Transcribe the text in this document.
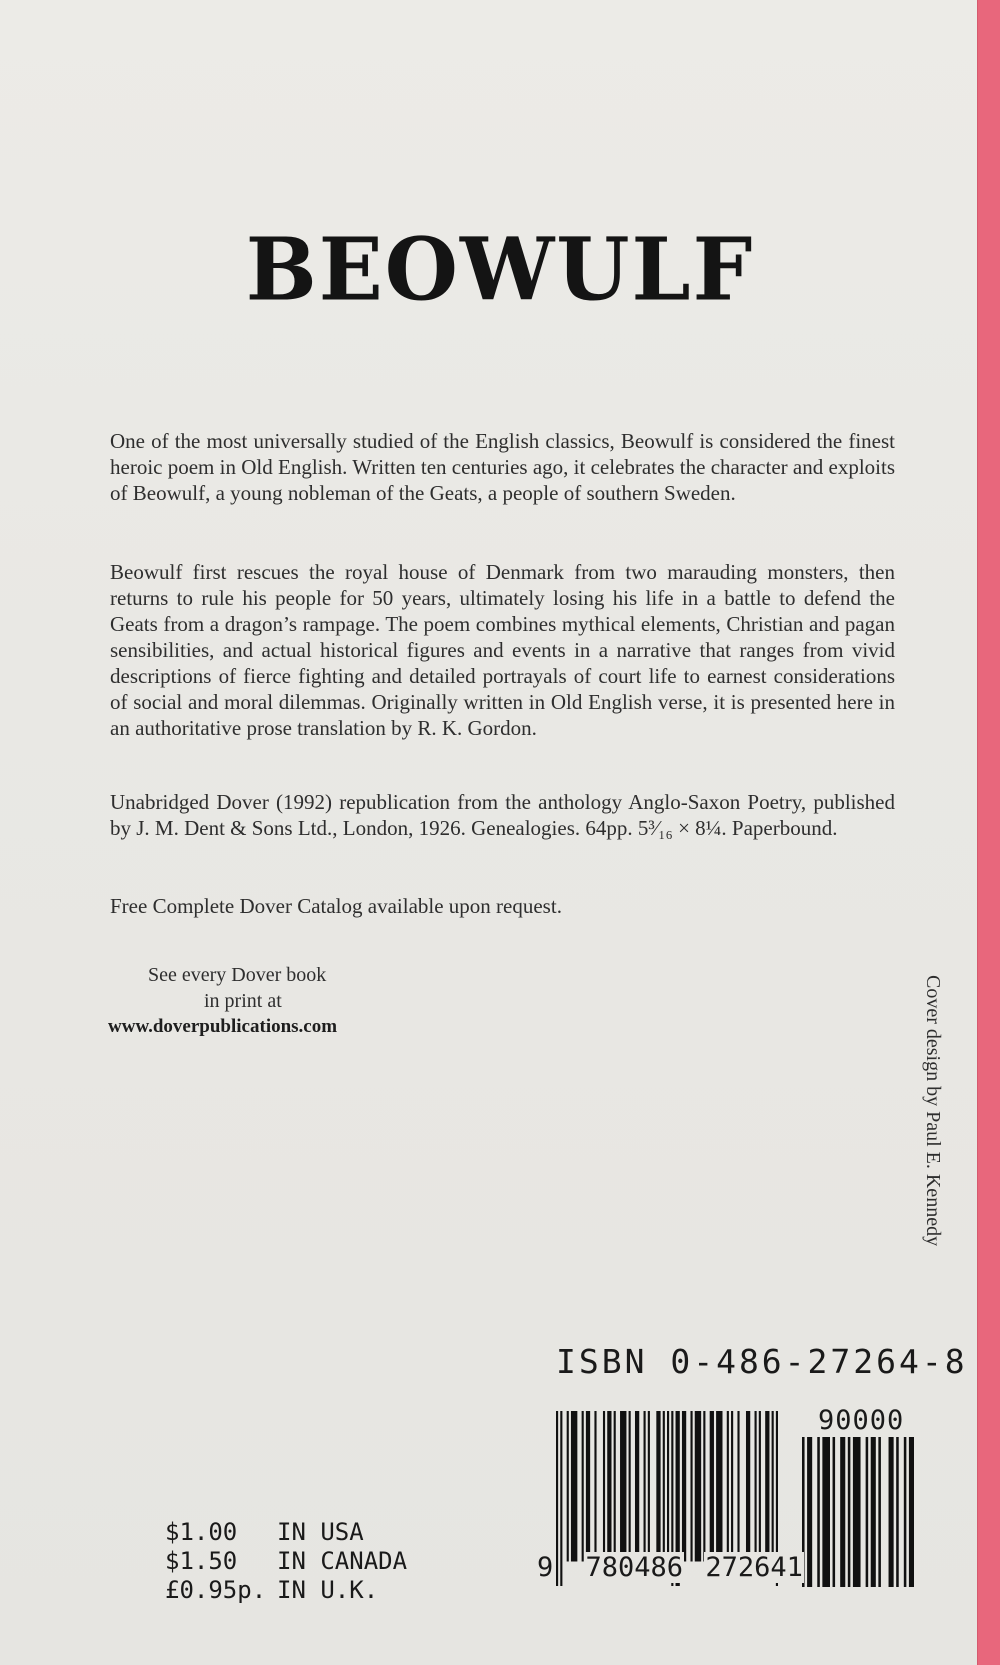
BEOWULF

One of the most universally studied of the English classics, Beowulf is considered the finest heroic poem in Old English. Written ten centuries ago, it celebrates the character and exploits of Beowulf, a young nobleman of the Geats, a people of southern Sweden.

Beowulf first rescues the royal house of Denmark from two marauding monsters, then returns to rule his people for 50 years, ultimately losing his life in a battle to defend the Geats from a dragon’s rampage. The poem combines mythical elements, Christian and pagan sensibilities, and actual historical figures and events in a narrative that ranges from vivid descriptions of fierce fighting and detailed portrayals of court life to earnest considerations of social and moral dilemmas. Originally written in Old English verse, it is presented here in an authoritative prose translation by R. K. Gordon.

Unabridged Dover (1992) republication from the anthology Anglo-Saxon Poetry, published by J. M. Dent & Sons Ltd., London, 1926. Genealogies. 64pp. 5³⁄₁₆ × 8¼. Paperbound.

Free Complete Dover Catalog available upon request.

See every Dover book
in print at
www.doverpublications.com	Cover design by Paul E. Kennedy
ISBN 0-486-27264-8
90000
9 780486 272641
$1.00 IN USA
$1.50 IN CANADA
£0.95p. IN U.K.
